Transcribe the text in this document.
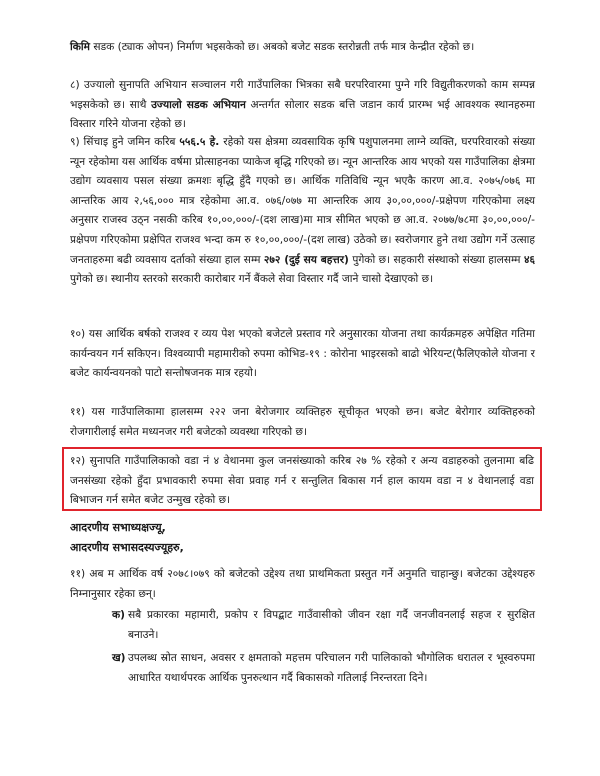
किमि सडक (ट्याक ओपन) निर्माण भइसकेको छ। अबको बजेट सडक स्तरोन्नती तर्फ मात्र केन्द्रीत रहेको छ।

८) उज्यालो सुनापति अभियान सञ्चालन गरी गाउँपालिका भित्रका सबै घरपरिवारमा पुग्ने गरि विद्युतीकरणको काम सम्पन्न भइसकेको छ। साथै उज्यालो सडक अभियान अन्तर्गत सोलार सडक बत्ति जडान कार्य प्रारम्भ भई आवश्यक स्थानहरुमा विस्तार गरिने योजना रहेको छ।

९) सिंचाइ हुने जमिन करिब ५५६.५ हे. रहेको यस क्षेत्रमा व्यवसायिक कृषि पशुपालनमा लाग्ने व्यक्ति, घरपरिवारको संख्या न्यून रहेकोमा यस आर्थिक वर्षमा प्रोत्साहनका प्याकेज बृद्धि गरिएको छ। न्यून आन्तरिक आय भएको यस गाउँपालिका क्षेत्रमा उद्योग व्यवसाय पसल संख्या क्रमशः बृद्धि हुँदै गएको छ। आर्थिक गतिविधि न्यून भएकै कारण आ.व. २०७५/०७६ मा आन्तरिक आय २,५६,००० मात्र रहेकोमा आ.व. ०७६/०७७ मा आन्तरिक आय ३०,००,०००/-प्रक्षेपण गरिएकोमा लक्ष्य अनुसार राजस्व उठ्न नसकी करिब १०,००,०००/-(दश लाख)मा मात्र सीमित भएको छ आ.व. २०७७/७८मा ३०,००,०००/-प्रक्षेपण गरिएकोमा प्रक्षेपित राजश्व भन्दा कम रु १०,००,०००/-(दश लाख) उठेको छ। स्वरोजगार हुने तथा उद्योग गर्ने उत्साह जनताहरुमा बढी व्यवसाय दर्ताको संख्या हाल सम्म २७२ (दुई सय बहत्तर) पुगेको छ। सहकारी संस्थाको संख्या हालसम्म ४६ पुगेको छ। स्थानीय स्तरको सरकारी कारोबार गर्ने बैंकले सेवा विस्तार गर्दै जाने चासो देखाएको छ।

१०) यस आर्थिक बर्षको राजश्व र व्यय पेश भएको बजेटले प्रस्ताव गरे अनुसारका योजना तथा कार्यक्रमहरु अपेक्षित गतिमा कार्यन्वयन गर्न सकिएन। विश्वव्यापी महामारीको रुपमा कोभिड-१९ : कोरोना भाइरसको बाढो भेरियन्ट(फैलिएकोले योजना र बजेट कार्यन्वयनको पाटो सन्तोषजनक मात्र रहयो।

११) यस गाउँपालिकामा हालसम्म २२२ जना बेरोजगार व्यक्तिहरु सूचीकृत भएको छन। बजेट बेरोगार व्यक्तिहरुको रोजगारीलाई समेत मध्यनजर गरी बजेटको व्यवस्था गरिएको छ।

१२) सुनापति गाउँपालिकाको वडा नं ४ वेथानमा कुल जनसंख्याको करिब २७ % रहेको र अन्य वडाहरुको तुलनामा बढि जनसंख्या रहेको हुँदा प्रभावकारी रुपमा सेवा प्रवाह गर्न र सन्तुलित बिकास गर्न हाल कायम वडा न ४ वेथानलाई वडा बिभाजन गर्न समेत बजेट उन्मुख रहेको छ।

आदरणीय सभाध्यक्षज्यू,

आदरणीय सभासदस्यज्यूहरु,

११) अब म आर्थिक वर्ष २०७८।०७९ को बजेटको उद्देश्य तथा प्राथमिकता प्रस्तुत गर्ने अनुमति चाहान्छु। बजेटका उद्देश्यहरु निम्नानुसार रहेका छन्।

क) सबै प्रकारका महामारी, प्रकोप र विपद्बाट गाउँवासीको जीवन रक्षा गर्दै जनजीवनलाई सहज र सुरक्षित बनाउने।
ख) उपलब्ध स्रोत साधन, अवसर र क्षमताको महत्तम परिचालन गरी पालिकाको भौगोलिक धरातल र भूस्वरुपमा आधारित यथार्थपरक आर्थिक पुनरुत्थान गर्दै बिकासको गतिलाई निरन्तरता दिने।
